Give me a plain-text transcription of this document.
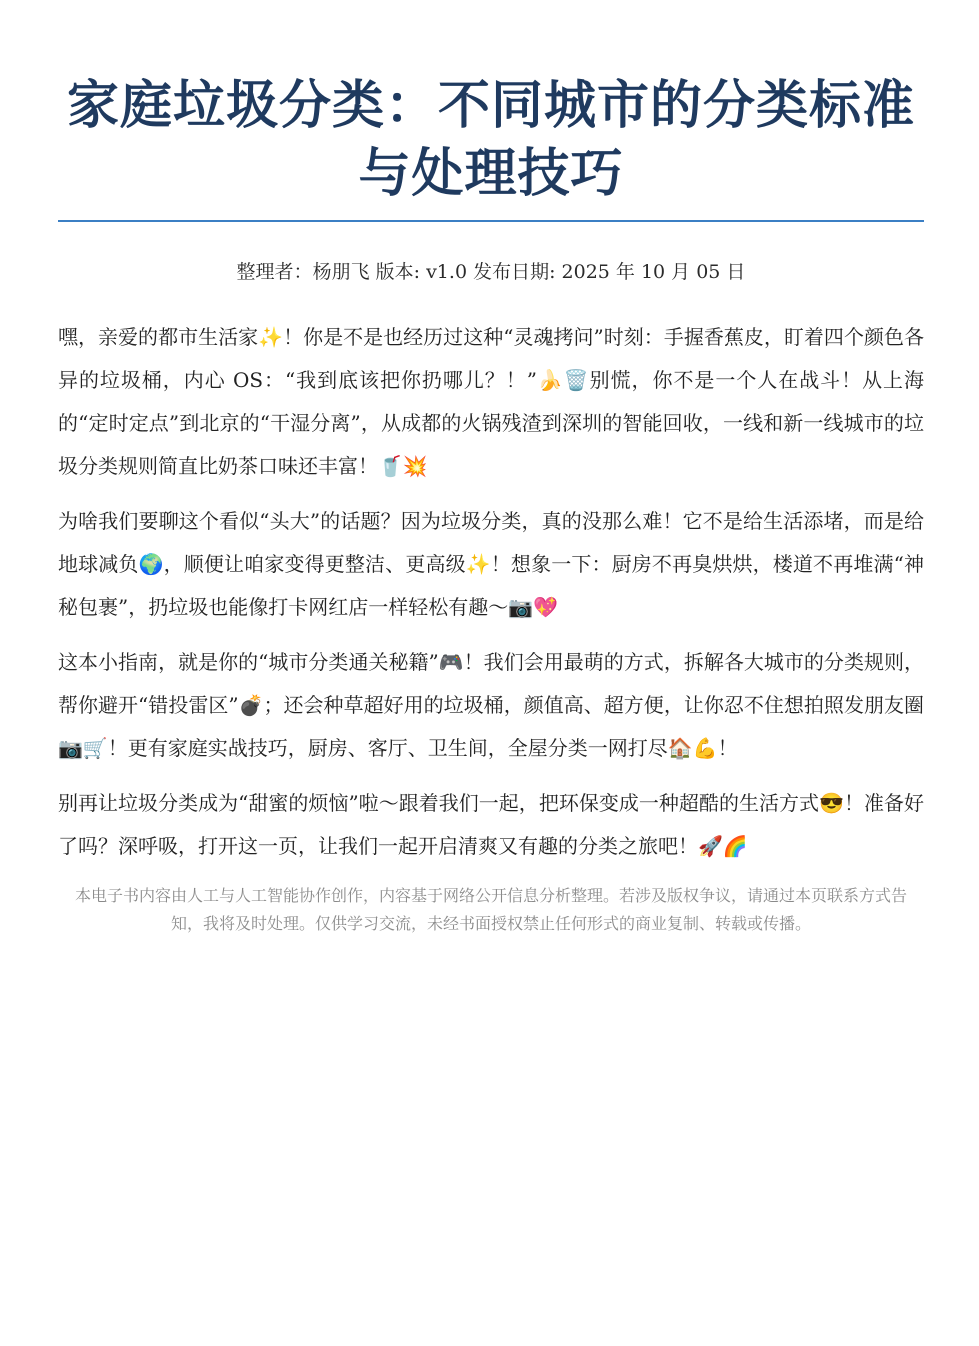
家庭垃圾分类：不同城市的分类标准与处理技巧
整理者：杨朋飞 版本: v1.0 发布日期: 2025 年 10 月 05 日

嘿，亲爱的都市生活家✨！你是不是也经历过这种“灵魂拷问”时刻：手握香蕉皮，盯着四个颜色各异的垃圾桶，内心 OS：“我到底该把你扔哪儿？！”🍌🗑️别慌，你不是一个人在战斗！从上海的“定时定点”到北京的“干湿分离”，从成都的火锅残渣到深圳的智能回收，一线和新一线城市的垃圾分类规则简直比奶茶口味还丰富！🥤💥

为啥我们要聊这个看似“头大”的话题？因为垃圾分类，真的没那么难！它不是给生活添堵，而是给地球减负🌍，顺便让咱家变得更整洁、更高级✨！想象一下：厨房不再臭烘烘，楼道不再堆满“神秘包裹”，扔垃圾也能像打卡网红店一样轻松有趣～📷💖

这本小指南，就是你的“城市分类通关秘籍”🎮！我们会用最萌的方式，拆解各大城市的分类规则，帮你避开“错投雷区”💣；还会种草超好用的垃圾桶，颜值高、超方便，让你忍不住想拍照发朋友圈📷🛒！更有家庭实战技巧，厨房、客厅、卫生间，全屋分类一网打尽🏠💪！

别再让垃圾分类成为“甜蜜的烦恼”啦～跟着我们一起，把环保变成一种超酷的生活方式😎！准备好了吗？深呼吸，打开这一页，让我们一起开启清爽又有趣的分类之旅吧！🚀🌈

本电子书内容由人工与人工智能协作创作，内容基于网络公开信息分析整理。若涉及版权争议，请通过本页联系方式告知，我将及时处理。仅供学习交流，未经书面授权禁止任何形式的商业复制、转载或传播。
